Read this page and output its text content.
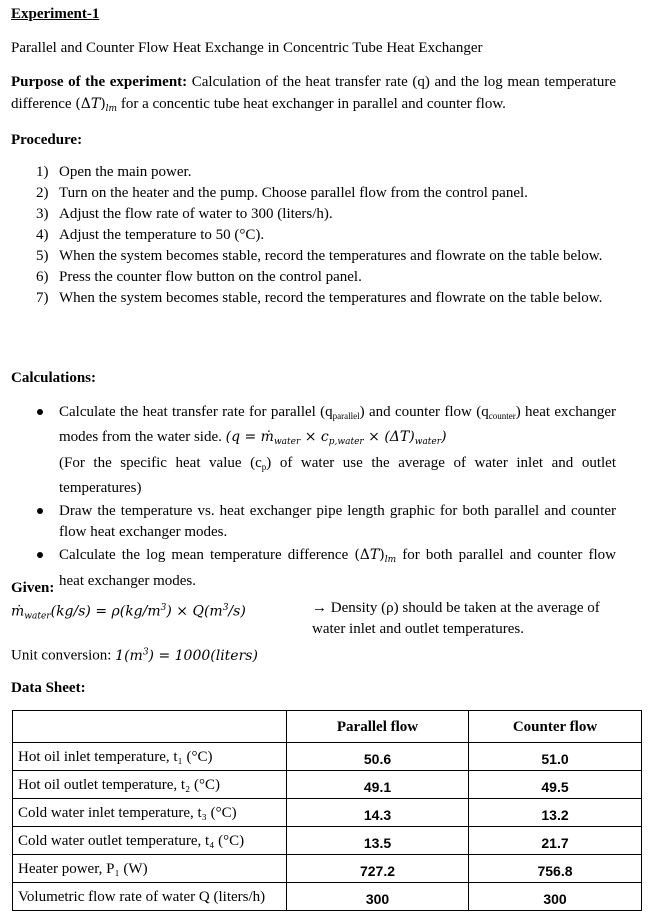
Experiment-1
Parallel and Counter Flow Heat Exchange in Concentric Tube Heat Exchanger
Purpose of the experiment: Calculation of the heat transfer rate (q) and the log mean temperature difference $(\Delta T)_{lm}$ for a concentic tube heat exchanger in parallel and counter flow.
Procedure:
1) Open the main power.
2) Turn on the heater and the pump. Choose parallel flow from the control panel.
3) Adjust the flow rate of water to 300 (liters/h).
4) Adjust the temperature to 50 (°C).
5) When the system becomes stable, record the temperatures and flowrate on the table below.
6) Press the counter flow button on the control panel.
7) When the system becomes stable, record the temperatures and flowrate on the table below.
Calculations:
Calculate the heat transfer rate for parallel $(q_{parallel})$ and counter flow $(q_{counter})$ heat exchanger modes from the water side. (q = ṁ$_{water}$ × $c_{p,water} \times (\Delta T)_{water}$)
(For the specific heat value $(c_p)$ of water use the average of water inlet and outlet temperatures)
Draw the temperature vs. heat exchanger pipe length graphic for both parallel and counter flow heat exchanger modes.
Calculate the log mean temperature difference $(\Delta T)_{lm}$ for both parallel and counter flow heat exchanger modes.
Given:
ṁ$_{water}$(kg/s) = $\rho(kg/m^3) \times Q(m^3/s)$	→ Density (ρ) should be taken at the average of water inlet and outlet temperatures.
Unit conversion: $1(m^3)$ = 1000(liters)
Data Sheet:
	Parallel flow	Counter flow
Hot oil inlet temperature, t₁ (°C)	50.6	51.0
Hot oil outlet temperature, t₂ (°C)	49.1	49.5
Cold water inlet temperature, t₃ (°C)	14.3	13.2
Cold water outlet temperature, t₄ (°C)	13.5	21.7
Heater power, P₁ (W)	727.2	756.8
Volumetric flow rate of water Q (liters/h)	300	300
